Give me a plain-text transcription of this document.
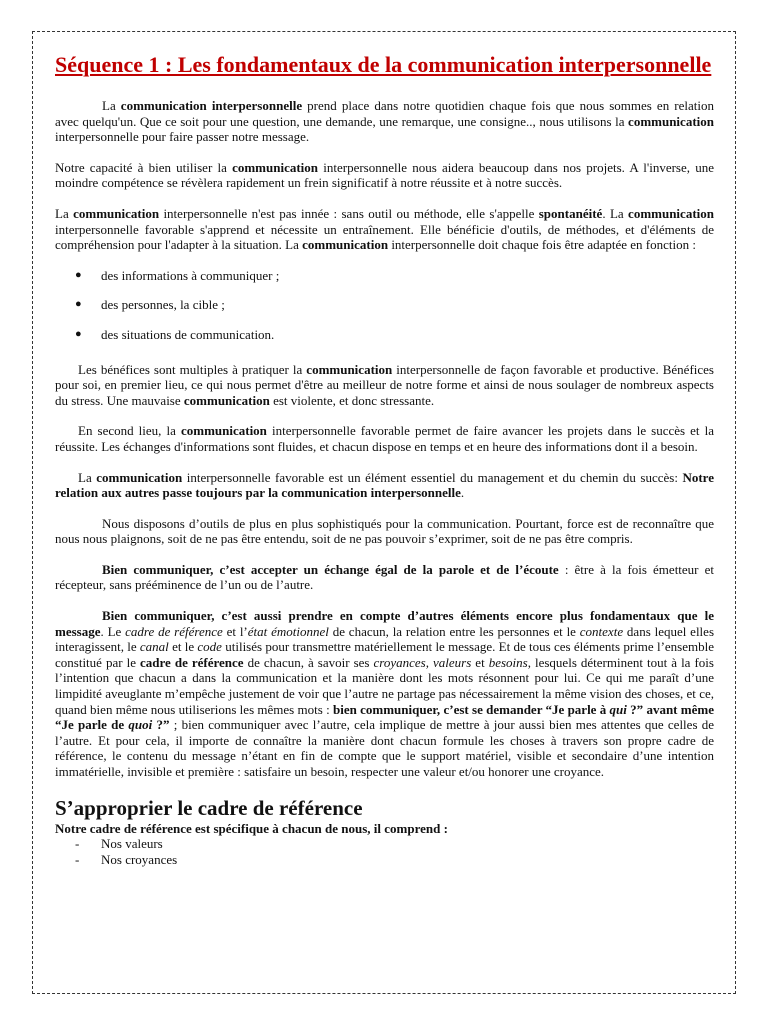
Séquence 1 : Les fondamentaux de la communication interpersonnelle

La communication interpersonnelle prend place dans notre quotidien chaque fois que nous sommes en relation avec quelqu'un. Que ce soit pour une question, une demande, une remarque, une consigne.., nous utilisons la communication interpersonnelle pour faire passer notre message.

Notre capacité à bien utiliser la communication interpersonnelle nous aidera beaucoup dans nos projets. A l'inverse, une moindre compétence se révèlera rapidement un frein significatif à notre réussite et à notre succès.

La communication interpersonnelle n'est pas innée : sans outil ou méthode, elle s'appelle spontanéité. La communication interpersonnelle favorable s'apprend et nécessite un entraînement. Elle bénéficie d'outils, de méthodes, et d'éléments de compréhension pour l'adapter à la situation. La communication interpersonnelle doit chaque fois être adaptée en fonction :

● des informations à communiquer ;
● des personnes, la cible ;
● des situations de communication.

Les bénéfices sont multiples à pratiquer la communication interpersonnelle de façon favorable et productive. Bénéfices pour soi, en premier lieu, ce qui nous permet d'être au meilleur de notre forme et ainsi de nous soulager de nombreux aspects du stress. Une mauvaise communication est violente, et donc stressante.

En second lieu, la communication interpersonnelle favorable permet de faire avancer les projets dans le succès et la réussite. Les échanges d'informations sont fluides, et chacun dispose en temps et en heure des informations dont il a besoin.

La communication interpersonnelle favorable est un élément essentiel du management et du chemin du succès: Notre relation aux autres passe toujours par la communication interpersonnelle.

Nous disposons d’outils de plus en plus sophistiqués pour la communication. Pourtant, force est de reconnaître que nous nous plaignons, soit de ne pas être entendu, soit de ne pas pouvoir s’exprimer, soit de ne pas être compris.

Bien communiquer, c’est accepter un échange égal de la parole et de l’écoute : être à la fois émetteur et récepteur, sans prééminence de l’un ou de l’autre.

Bien communiquer, c’est aussi prendre en compte d’autres éléments encore plus fondamentaux que le message. Le cadre de référence et l’état émotionnel de chacun, la relation entre les personnes et le contexte dans lequel elles interagissent, le canal et le code utilisés pour transmettre matériellement le message. Et de tous ces éléments prime l’ensemble constitué par le cadre de référence de chacun, à savoir ses croyances, valeurs et besoins, lesquels déterminent tout à la fois l’intention que chacun a dans la communication et la manière dont les mots résonnent pour lui. Ce qui me paraît d’une limpidité aveuglante m’empêche justement de voir que l’autre ne partage pas nécessairement la même vision des choses, et ce, quand bien même nous utiliserions les mêmes mots : bien communiquer, c’est se demander “Je parle à qui ?” avant même “Je parle de quoi ?” ; bien communiquer avec l’autre, cela implique de mettre à jour aussi bien mes attentes que celles de l’autre. Et pour cela, il importe de connaître la manière dont chacun formule les choses à travers son propre cadre de référence, le contenu du message n’étant en fin de compte que le support matériel, visible et secondaire d’une intention immatérielle, invisible et première : satisfaire un besoin, respecter une valeur et/ou honorer une croyance.

S’approprier le cadre de référence

Notre cadre de référence est spécifique à chacun de nous, il comprend :

- Nos valeurs
- Nos croyances
